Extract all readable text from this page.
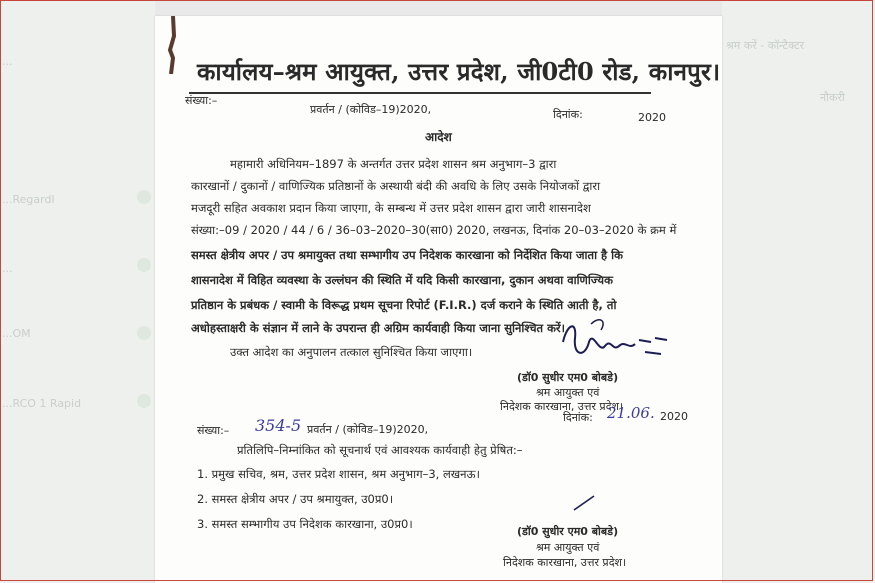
श्रम करें - कॉन्टैक्टर
नौकरी
...
...Regardl
...
...OM
...RCO 1 Rapid
कार्यालय–श्रम आयुक्त, उत्तर प्रदेश, जी0टी0 रोड, कानपुर।
संख्या:–
प्रवर्तन / (कोविड–19)2020,	दिनांक:	2020
आदेश
महामारी अधिनियम–1897 के अन्तर्गत उत्तर प्रदेश शासन श्रम अनुभाग–3 द्वारा
कारखानों / दुकानों / वाणिज्यिक प्रतिष्ठानों के अस्थायी बंदी की अवधि के लिए उसके नियोजकों द्वारा
मजदूरी सहित अवकाश प्रदान किया जाएगा, के सम्बन्ध में उत्तर प्रदेश शासन द्वारा जारी शासनादेश
संख्या:–09 / 2020 / 44 / 6 / 36–03–2020–30(सा0) 2020, लखनऊ, दिनांक 20–03–2020 के क्रम में
समस्त क्षेत्रीय अपर / उप श्रमायुक्त तथा सम्भागीय उप निदेशक कारखाना को निर्देशित किया जाता है कि
शासनादेश में विहित व्यवस्था के उल्लंघन की स्थिति में यदि किसी कारखाना, दुकान अथवा वाणिज्यिक
प्रतिष्ठान के प्रबंधक / स्वामी के विरूद्ध प्रथम सूचना रिपोर्ट (F.I.R.) दर्ज कराने के स्थिति आती है, तो
अधोहस्ताक्षरी के संज्ञान में लाने के उपरान्त ही अग्रिम कार्यवाही किया जाना सुनिश्चित करें।
उक्त आदेश का अनुपालन तत्काल सुनिश्चित किया जाएगा।
(डॉ0 सुधीर एम0 बोबडे)
श्रम आयुक्त एवं
निदेशक कारखाना, उत्तर प्रदेश।
संख्या:– 354-5 प्रवर्तन / (कोविड–19)2020,
दिनांक: 21.06. 2020
प्रतिलिपि–निम्नांकित को सूचनार्थ एवं आवश्यक कार्यवाही हेतु प्रेषित:–
1. प्रमुख सचिव, श्रम, उत्तर प्रदेश शासन, श्रम अनुभाग–3, लखनऊ।
2. समस्त क्षेत्रीय अपर / उप श्रमायुक्त, उ0प्र0।
3. समस्त सम्भागीय उप निदेशक कारखाना, उ0प्र0।
(डॉ0 सुधीर एम0 बोबडे)
श्रम आयुक्त एवं
निदेशक कारखाना, उत्तर प्रदेश।
